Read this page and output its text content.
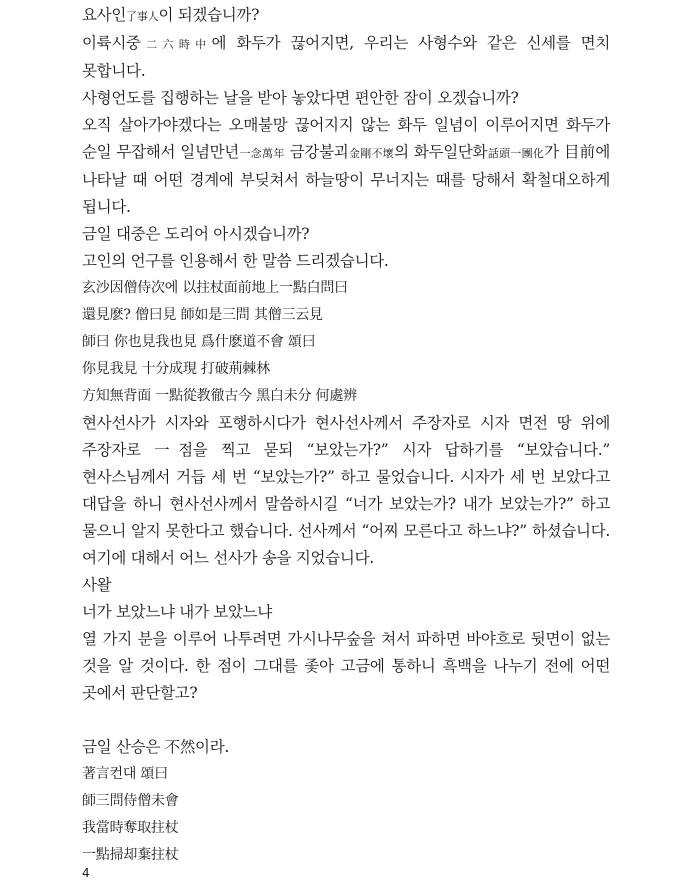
요사인了事人이 되겠습니까?

이륙시중二六時中에 화두가 끊어지면, 우리는 사형수와 같은 신세를 면치 못합니다.

사형언도를 집행하는 날을 받아 놓았다면 편안한 잠이 오겠습니까?

오직 살아가야겠다는 오매불망 끊어지지 않는 화두 일념이 이루어지면 화두가 순일 무잡해서 일념만년一念萬年 금강불괴金剛不壞의 화두일단화話頭一團化가 目前에 나타날 때 어떤 경계에 부딪쳐서 하늘땅이 무너지는 때를 당해서 확철대오하게 됩니다.

금일 대중은 도리어 아시겠습니까?

고인의 언구를 인용해서 한 말씀 드리겠습니다.

玄沙因僧侍次에 以拄杖面前地上一點白問曰

還見麽? 僧曰見 師如是三問 其僧三云見

師曰 你也見我也見 爲什麽道不會 頌曰

你見我見 十分成現 打破荊棘林

方知無背面 一點從教徹古今 黑白未分 何處辨

현사선사가 시자와 포행하시다가 현사선사께서 주장자로 시자 면전 땅 위에 주장자로 一점을 찍고 묻되 “보았는가?” 시자 답하기를 “보았습니다.” 현사스님께서 거듭 세 번 “보았는가?” 하고 물었습니다. 시자가 세 번 보았다고 대답을 하니 현사선사께서 말씀하시길 “너가 보았는가? 내가 보았는가?” 하고 물으니 알지 못한다고 했습니다. 선사께서 “어찌 모른다고 하느냐?” 하셨습니다. 여기에 대해서 어느 선사가 송을 지었습니다.

사왈

너가 보았느냐 내가 보았느냐

열 가지 분을 이루어 나투려면 가시나무숲을 쳐서 파하면 바야흐로 뒷면이 없는 것을 알 것이다. 한 점이 그대를 좇아 고금에 통하니 흑백을 나누기 전에 어떤 곳에서 판단할고?

금일 산승은 不然이라.

著言컨대 頌曰

師三問侍僧未會

我當時奪取拄杖

一點掃却棄拄杖

4
